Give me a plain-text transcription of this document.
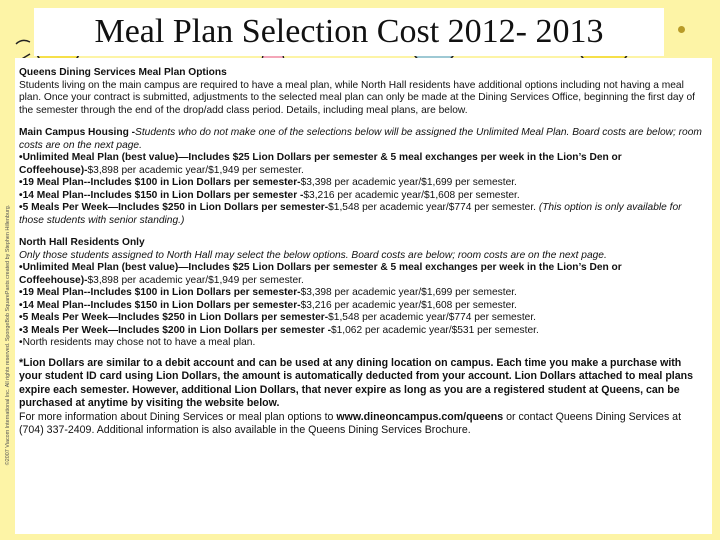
Meal Plan Selection Cost 2012- 2013
©2007 Viacom International Inc. All rights reserved. SpongeBob SquarePants created by Stephen Hillenburg.

Queens Dining Services Meal Plan Options

Students living on the main campus are required to have a meal plan, while North Hall residents have additional options including not having a meal plan. Once your contract is submitted, adjustments to the selected meal plan can only be made at the Dining Services Office, beginning the first day of the semester through the end of the drop/add class period. Details, including meal plans, are below.

Main Campus Housing -Students who do not make one of the selections below will be assigned the Unlimited Meal Plan. Board costs are below; room costs are on the next page.

•Unlimited Meal Plan (best value)—Includes $25 Lion Dollars per semester & 5 meal exchanges per week in the Lion’s Den or Coffeehouse)-$3,898 per academic year/$1,949 per semester.

•19 Meal Plan--Includes $100 in Lion Dollars per semester-$3,398 per academic year/$1,699 per semester.

•14 Meal Plan--Includes $150 in Lion Dollars per semester -$3,216 per academic year/$1,608 per semester.

•5 Meals Per Week—Includes $250 in Lion Dollars per semester-$1,548 per academic year/$774 per semester. (This option is only available for those students with senior standing.)

North Hall Residents Only

Only those students assigned to North Hall may select the below options. Board costs are below; room costs are on the next page.

•Unlimited Meal Plan (best value)—Includes $25 Lion Dollars per semester & 5 meal exchanges per week in the Lion’s Den or Coffeehouse)-$3,898 per academic year/$1,949 per semester.

•19 Meal Plan--Includes $100 in Lion Dollars per semester-$3,398 per academic year/$1,699 per semester.

•14 Meal Plan--Includes $150 in Lion Dollars per semester-$3,216 per academic year/$1,608 per semester.

•5 Meals Per Week—Includes $250 in Lion Dollars per semester-$1,548 per academic year/$774 per semester.

•3 Meals Per Week—Includes $200 in Lion Dollars per semester -$1,062 per academic year/$531 per semester.

•North residents may chose not to have a meal plan.

*Lion Dollars are similar to a debit account and can be used at any dining location on campus. Each time you make a purchase with your student ID card using Lion Dollars, the amount is automatically deducted from your account. Lion Dollars attached to meal plans expire each semester. However, additional Lion Dollars, that never expire as long as you are a registered student at Queens, can be purchased at anytime by visiting the website below.

For more information about Dining Services or meal plan options to www.dineoncampus.com/queens or contact Queens Dining Services at (704) 337-2409. Additional information is also available in the Queens Dining Services Brochure.
